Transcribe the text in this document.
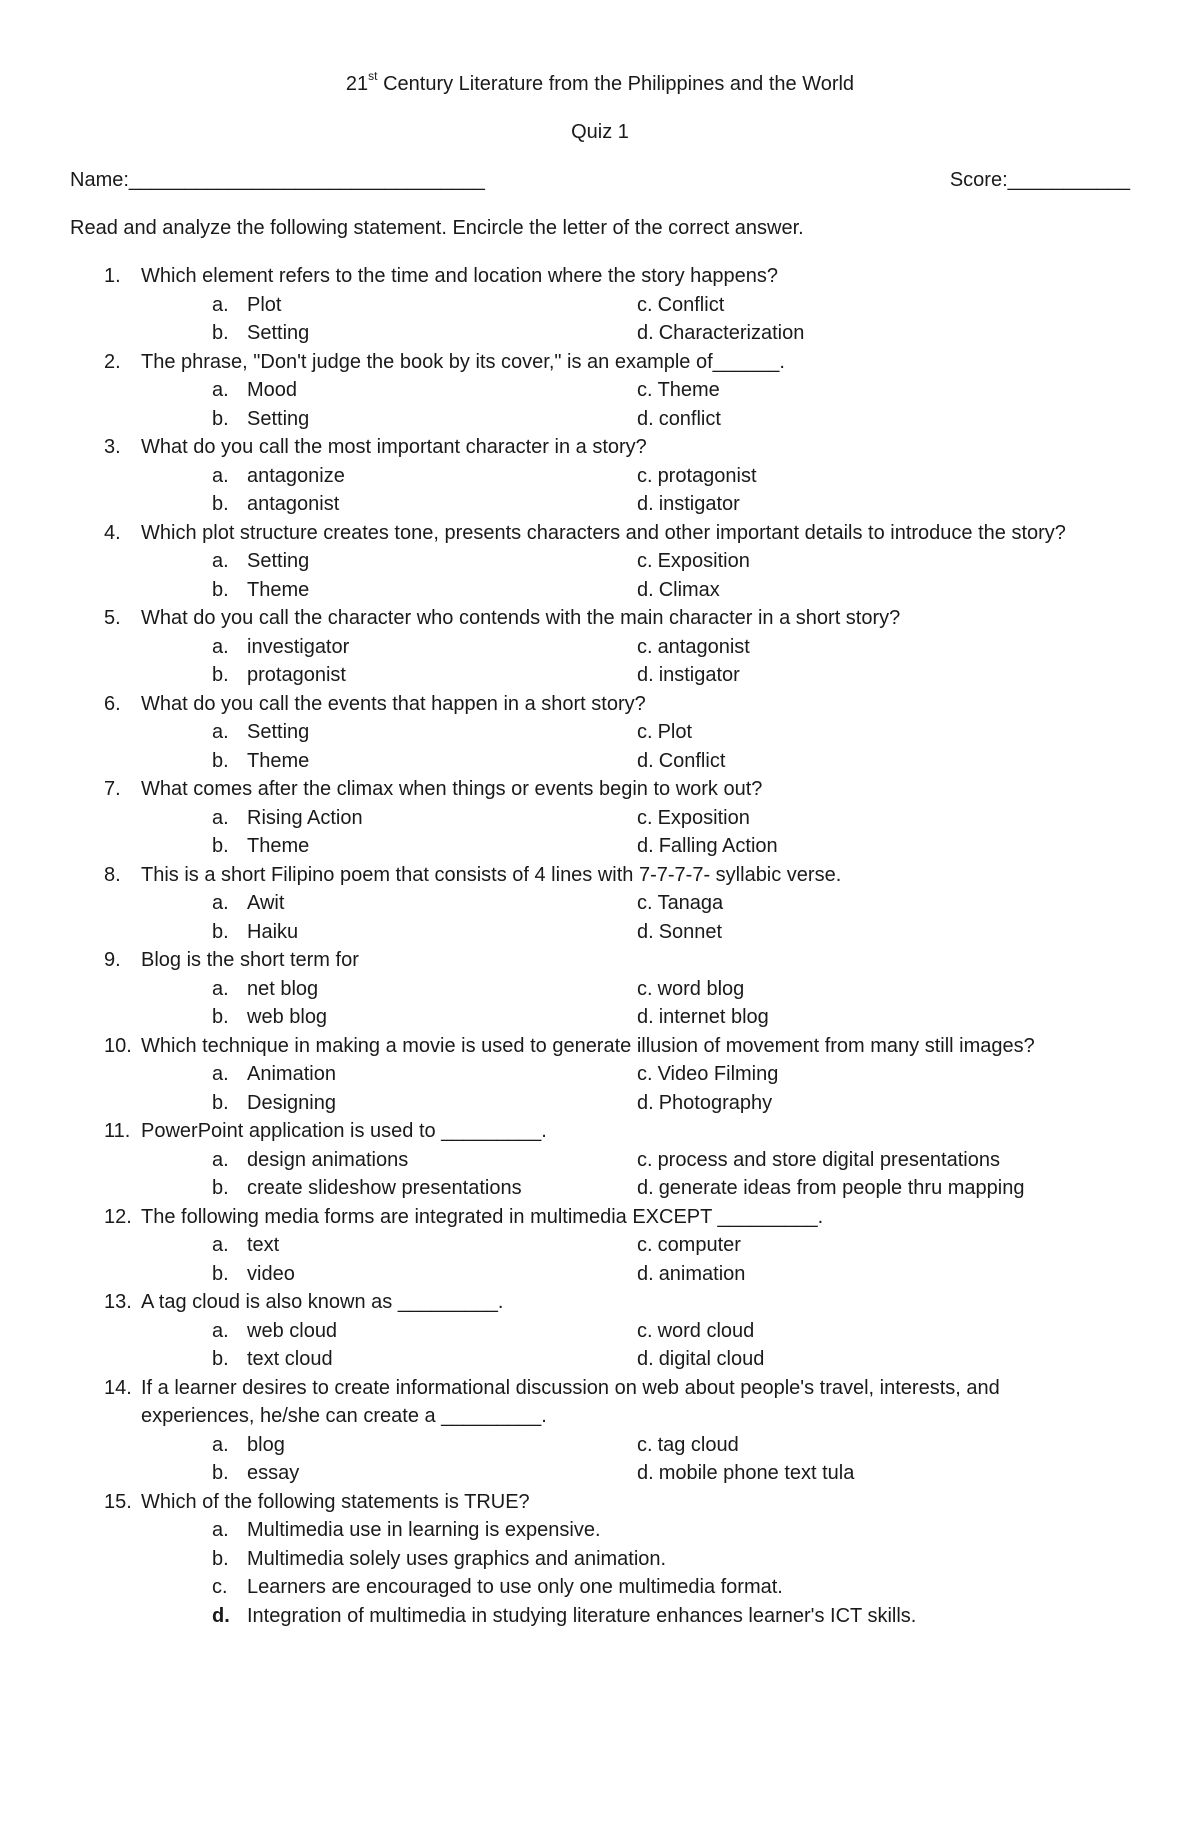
21st Century Literature from the Philippines and the World
Quiz 1
Name:________________________________	Score:___________
Read and analyze the following statement. Encircle the letter of the correct answer.
1.	Which element refers to the time and location where the story happens?
a. Plot	c. Conflict
b. Setting	d. Characterization
2.	The phrase, "Don't judge the book by its cover," is an example of______.
a. Mood	c. Theme
b. Setting	d. conflict
3.	What do you call the most important character in a story?
a. antagonize	c. protagonist
b. antagonist	d. instigator
4.	Which plot structure creates tone, presents characters and other important details to introduce the story?
a. Setting	c. Exposition
b. Theme	d. Climax
5.	What do you call the character who contends with the main character in a short story?
a. investigator	c. antagonist
b. protagonist	d. instigator
6.	What do you call the events that happen in a short story?
a. Setting	c. Plot
b. Theme	d. Conflict
7.	What comes after the climax when things or events begin to work out?
a. Rising Action	c. Exposition
b. Theme	d. Falling Action
8.	This is a short Filipino poem that consists of 4 lines with 7-7-7-7- syllabic verse.
a. Awit	c. Tanaga
b. Haiku	d. Sonnet
9.	Blog is the short term for
a. net blog	c. word blog
b. web blog	d. internet blog
10. Which technique in making a movie is used to generate illusion of movement from many still images?
a. Animation	c. Video Filming
b. Designing	d. Photography
11. PowerPoint application is used to _________.
a. design animations	c. process and store digital presentations
b. create slideshow presentations	d. generate ideas from people thru mapping
12. The following media forms are integrated in multimedia EXCEPT _________.
a. text	c. computer
b. video	d. animation
13. A tag cloud is also known as _________.
a. web cloud	c. word cloud
b. text cloud	d. digital cloud
14. If a learner desires to create informational discussion on web about people's travel, interests, and experiences, he/she can create a _________.
a. blog	c. tag cloud
b. essay	d. mobile phone text tula
15. Which of the following statements is TRUE?
a. Multimedia use in learning is expensive.
b. Multimedia solely uses graphics and animation.
c. Learners are encouraged to use only one multimedia format.
d. Integration of multimedia in studying literature enhances learner's ICT skills.
